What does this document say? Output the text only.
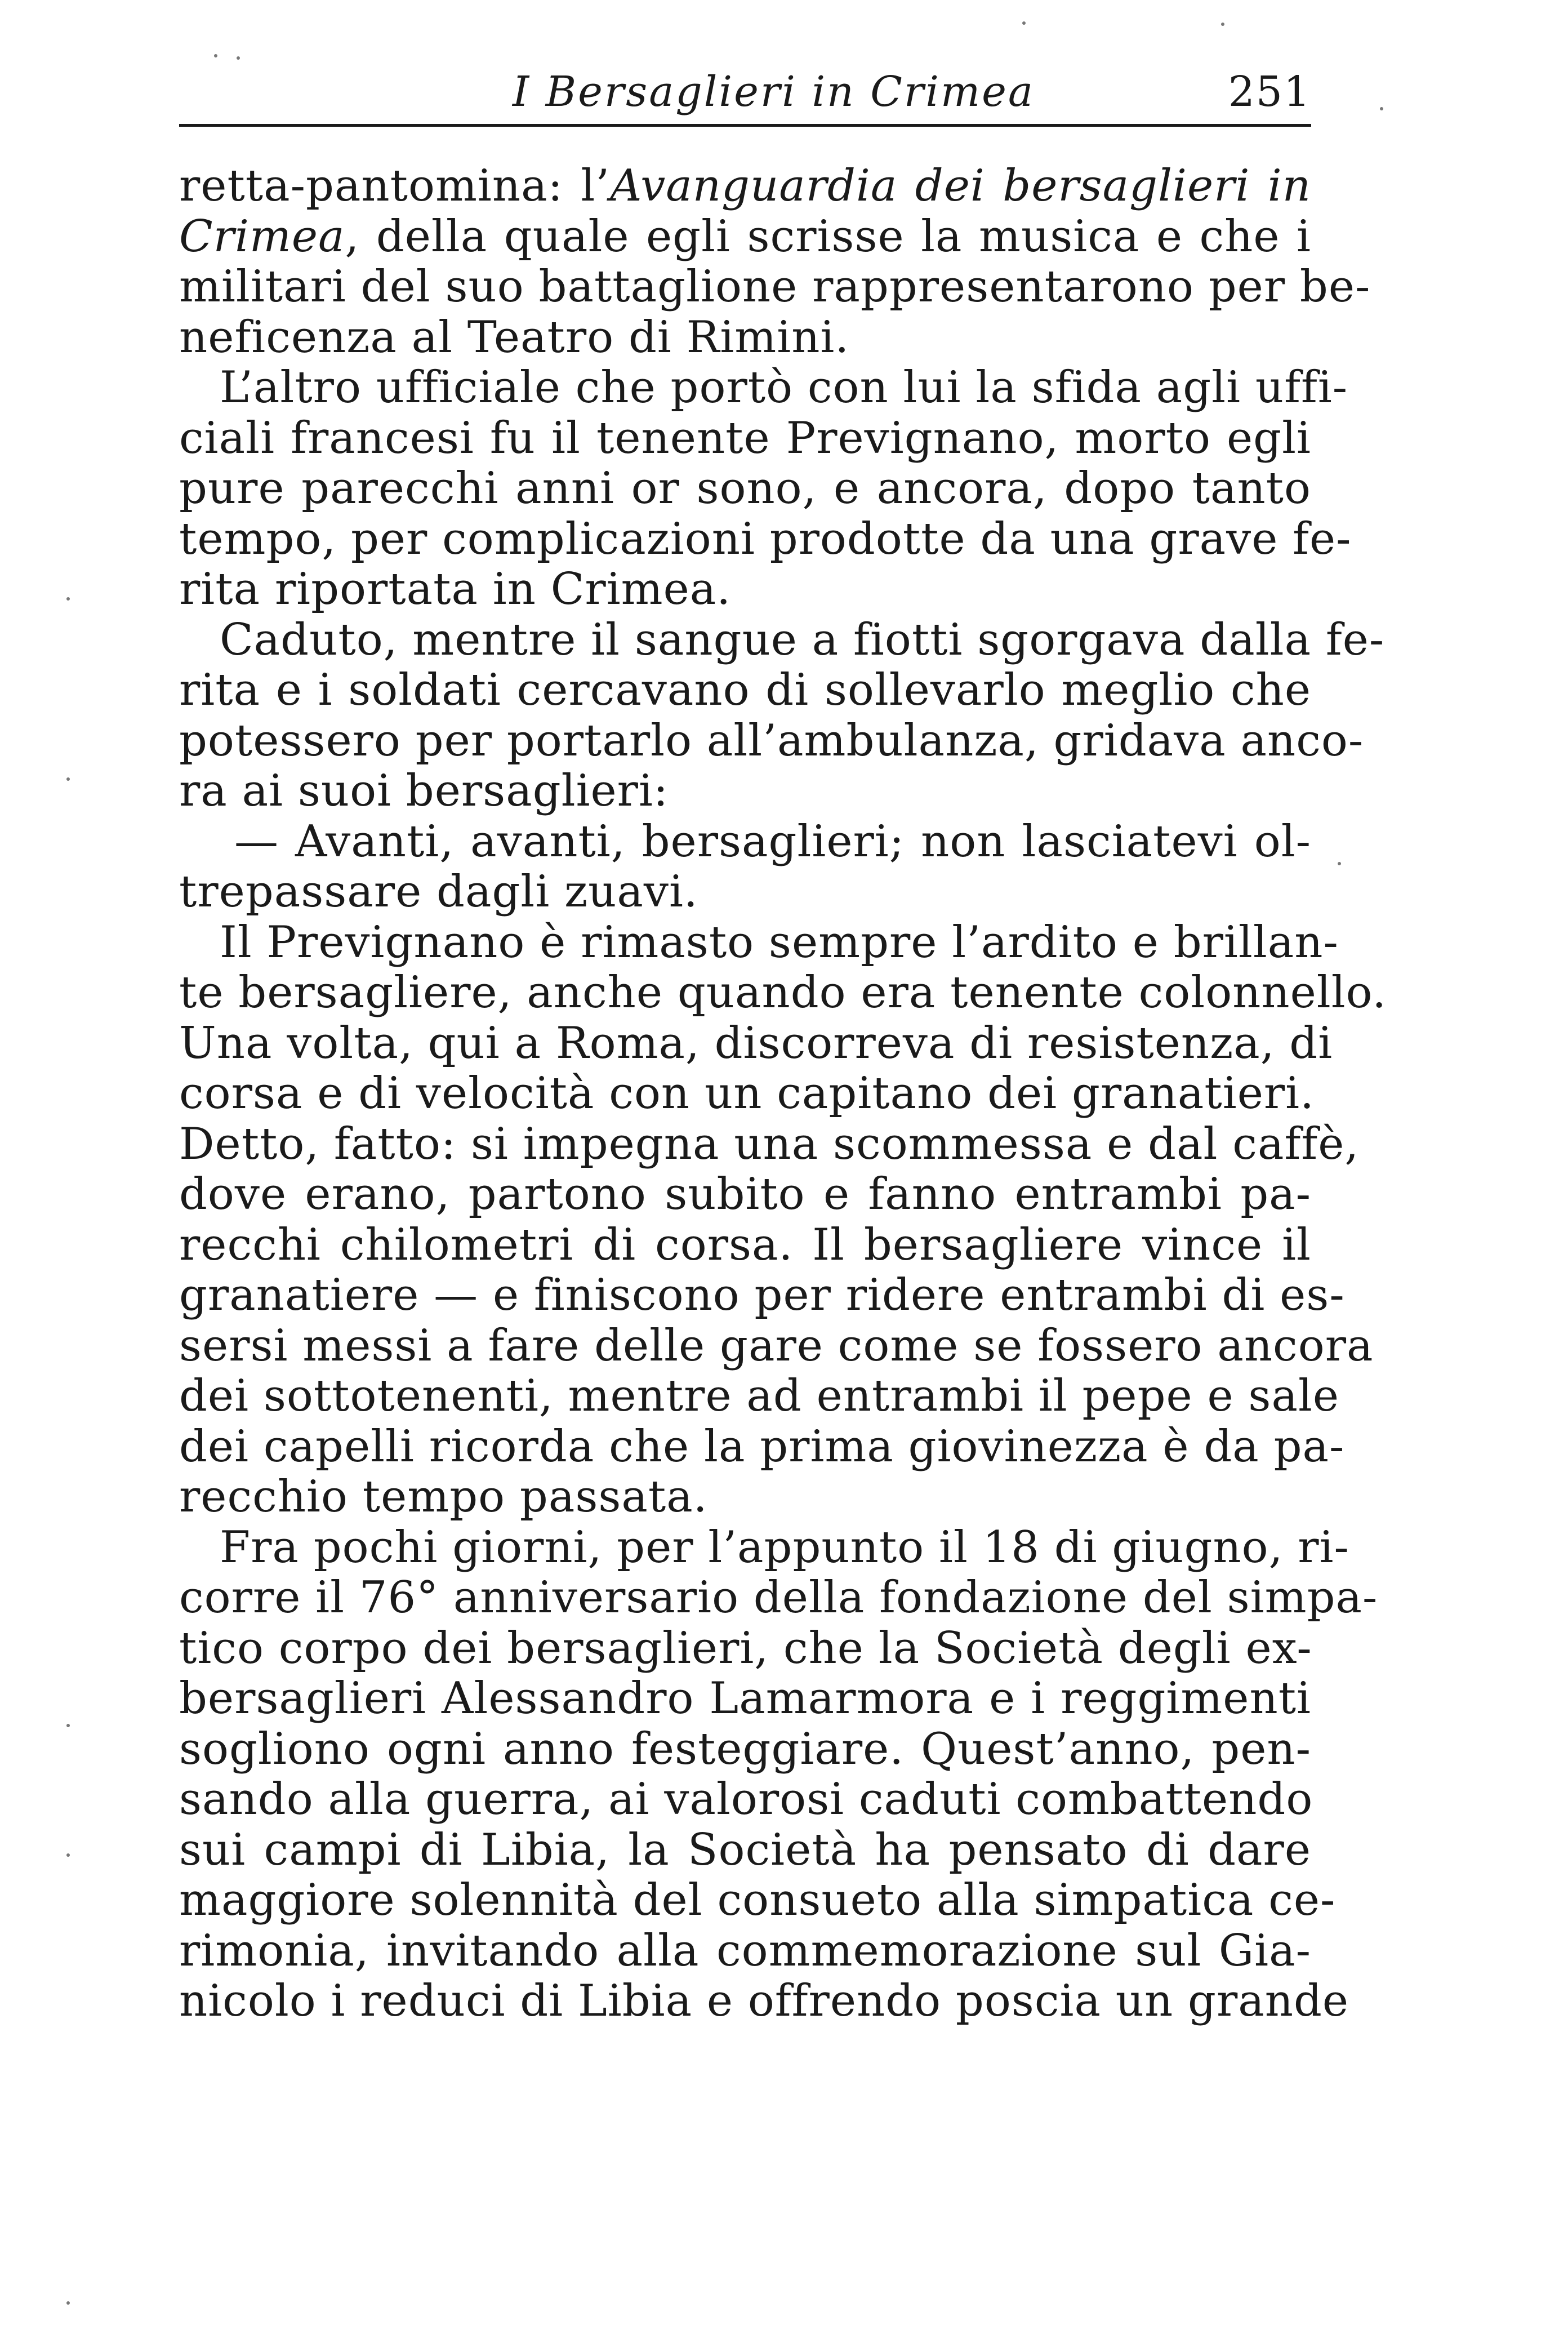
I Bersaglieri in Crimea	251
retta-pantomina: l’Avanguardia dei bersaglieri in
Crimea, della quale egli scrisse la musica e che i
militari del suo battaglione rappresentarono per be-
neficenza al Teatro di Rimini.
L’altro ufficiale che portò con lui la sfida agli uffi-
ciali francesi fu il tenente Prevignano, morto egli
pure parecchi anni or sono, e ancora, dopo tanto
tempo, per complicazioni prodotte da una grave fe-
rita riportata in Crimea.
Caduto, mentre il sangue a fiotti sgorgava dalla fe-
rita e i soldati cercavano di sollevarlo meglio che
potessero per portarlo all’ambulanza, gridava anco-
ra ai suoi bersaglieri:
— Avanti, avanti, bersaglieri; non lasciatevi ol-
trepassare dagli zuavi.
Il Prevignano è rimasto sempre l’ardito e brillan-
te bersagliere, anche quando era tenente colonnello.
Una volta, qui a Roma, discorreva di resistenza, di
corsa e di velocità con un capitano dei granatieri.
Detto, fatto: si impegna una scommessa e dal caffè,
dove erano, partono subito e fanno entrambi pa-
recchi chilometri di corsa. Il bersagliere vince il
granatiere — e finiscono per ridere entrambi di es-
sersi messi a fare delle gare come se fossero ancora
dei sottotenenti, mentre ad entrambi il pepe e sale
dei capelli ricorda che la prima giovinezza è da pa-
recchio tempo passata.
Fra pochi giorni, per l’appunto il 18 di giugno, ri-
corre il 76° anniversario della fondazione del simpa-
tico corpo dei bersaglieri, che la Società degli ex-
bersaglieri Alessandro Lamarmora e i reggimenti
sogliono ogni anno festeggiare. Quest’anno, pen-
sando alla guerra, ai valorosi caduti combattendo
sui campi di Libia, la Società ha pensato di dare
maggiore solennità del consueto alla simpatica ce-
rimonia, invitando alla commemorazione sul Gia-
nicolo i reduci di Libia e offrendo poscia un grande
